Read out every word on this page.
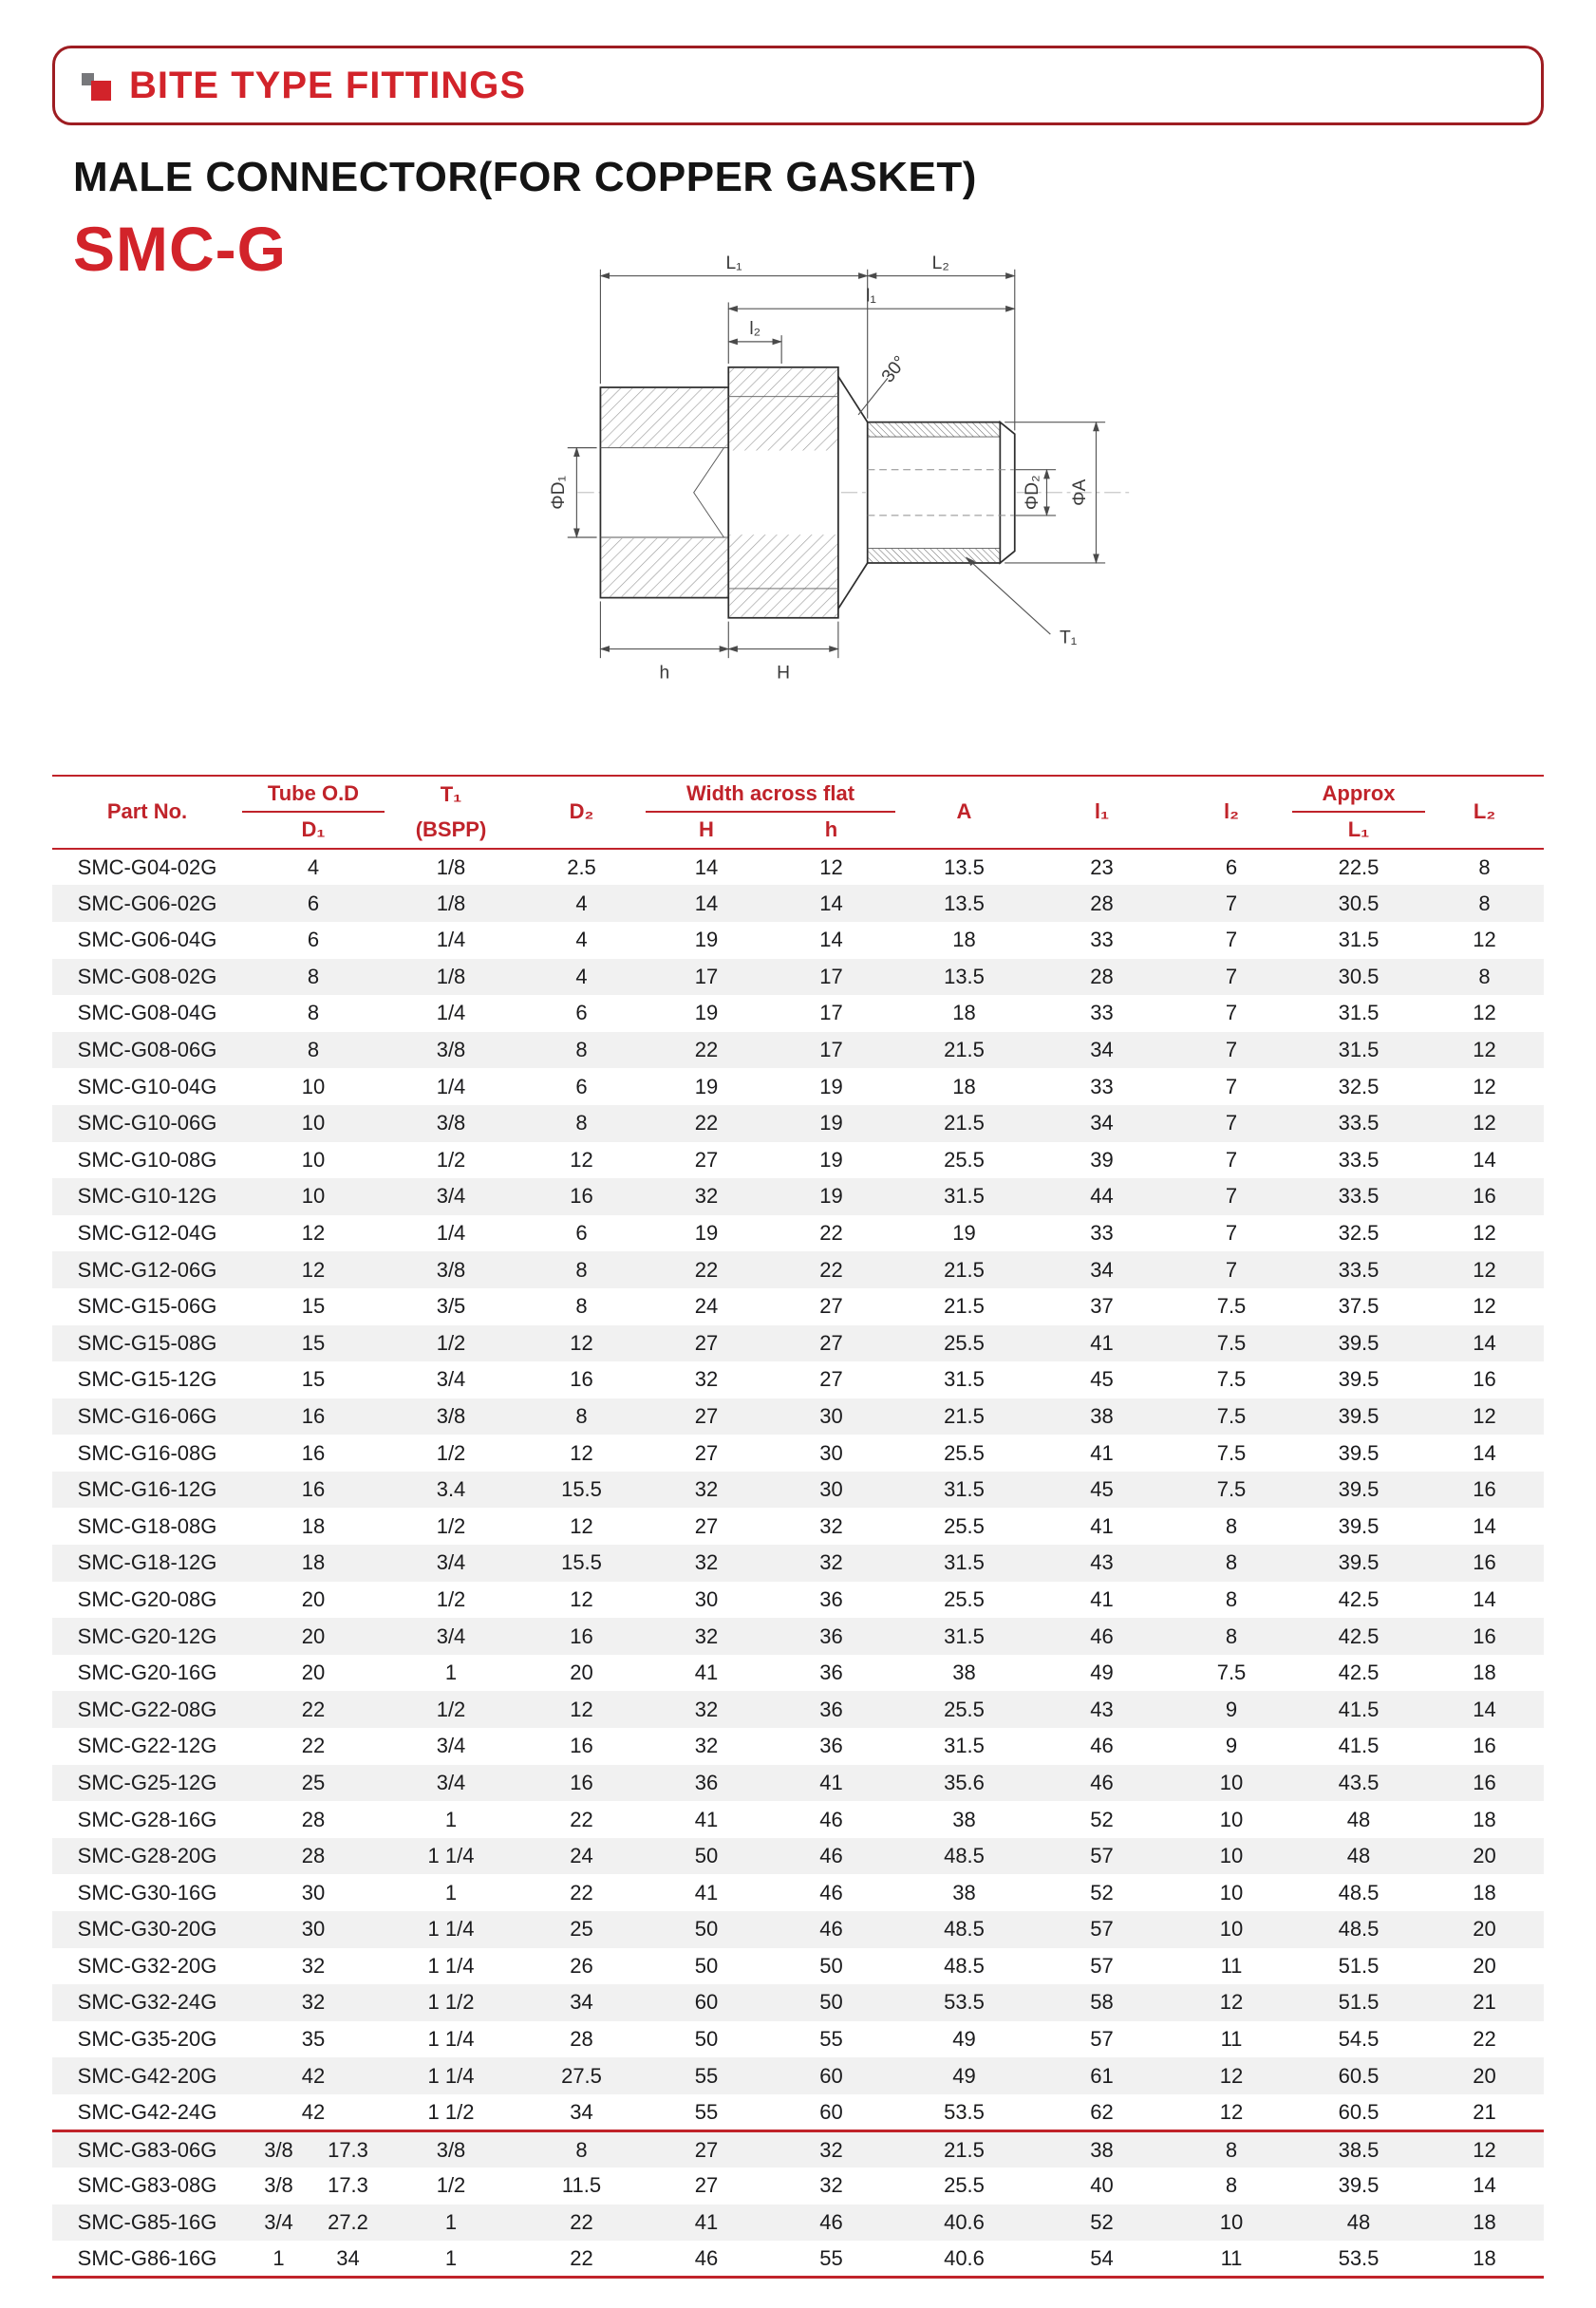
BITE TYPE FITTINGS
MALE CONNECTOR(FOR COPPER GASKET)
SMC-G	L₁	L₂
l₁
l₂
30°
ΦD₁	ΦD₂ ΦA
h	H
T₁
Part No.	Tube O.D	T₁	D₂	Width across flat		A	l₁	l₂	Approx	L₂
	D₁	(BSPP)		H	h				L₁	
SMC-G04-02G	4	1/8	2.5	14	12	13.5	23	6	22.5	8
SMC-G06-02G	6	1/8	4	14	14	13.5	28	7	30.5	8
SMC-G06-04G	6	1/4	4	19	14	18	33	7	31.5	12
SMC-G08-02G	8	1/8	4	17	17	13.5	28	7	30.5	8
SMC-G08-04G	8	1/4	6	19	17	18	33	7	31.5	12
SMC-G08-06G	8	3/8	8	22	17	21.5	34	7	31.5	12
SMC-G10-04G	10	1/4	6	19	19	18	33	7	32.5	12
SMC-G10-06G	10	3/8	8	22	19	21.5	34	7	33.5	12
SMC-G10-08G	10	1/2	12	27	19	25.5	39	7	33.5	14
SMC-G10-12G	10	3/4	16	32	19	31.5	44	7	33.5	16
SMC-G12-04G	12	1/4	6	19	22	19	33	7	32.5	12
SMC-G12-06G	12	3/8	8	22	22	21.5	34	7	33.5	12
SMC-G15-06G	15	3/5	8	24	27	21.5	37	7.5	37.5	12
SMC-G15-08G	15	1/2	12	27	27	25.5	41	7.5	39.5	14
SMC-G15-12G	15	3/4	16	32	27	31.5	45	7.5	39.5	16
SMC-G16-06G	16	3/8	8	27	30	21.5	38	7.5	39.5	12
SMC-G16-08G	16	1/2	12	27	30	25.5	41	7.5	39.5	14
SMC-G16-12G	16	3.4	15.5	32	30	31.5	45	7.5	39.5	16
SMC-G18-08G	18	1/2	12	27	32	25.5	41	8	39.5	14
SMC-G18-12G	18	3/4	15.5	32	32	31.5	43	8	39.5	16
SMC-G20-08G	20	1/2	12	30	36	25.5	41	8	42.5	14
SMC-G20-12G	20	3/4	16	32	36	31.5	46	8	42.5	16
SMC-G20-16G	20	1	20	41	36	38	49	7.5	42.5	18
SMC-G22-08G	22	1/2	12	32	36	25.5	43	9	41.5	14
SMC-G22-12G	22	3/4	16	32	36	31.5	46	9	41.5	16
SMC-G25-12G	25	3/4	16	36	41	35.6	46	10	43.5	16
SMC-G28-16G	28	1	22	41	46	38	52	10	48	18
SMC-G28-20G	28	1 1/4	24	50	46	48.5	57	10	48	20
SMC-G30-16G	30	1	22	41	46	38	52	10	48.5	18
SMC-G30-20G	30	1 1/4	25	50	46	48.5	57	10	48.5	20
SMC-G32-20G	32	1 1/4	26	50	50	48.5	57	11	51.5	20
SMC-G32-24G	32	1 1/2	34	60	50	53.5	58	12	51.5	21
SMC-G35-20G	35	1 1/4	28	50	55	49	57	11	54.5	22
SMC-G42-20G	42	1 1/4	27.5	55	60	49	61	12	60.5	20
SMC-G42-24G	42	1 1/2	34	55	60	53.5	62	12	60.5	21
SMC-G83-06G	3/8 17.3	3/8	8	27	32	21.5	38	8	38.5	12
SMC-G83-08G	3/8 17.3	1/2	11.5	27	32	25.5	40	8	39.5	14
SMC-G85-16G	3/4 27.2	1	22	41	46	40.6	52	10	48	18
SMC-G86-16G	1 34	1	22	46	55	40.6	54	11	53.5	18
